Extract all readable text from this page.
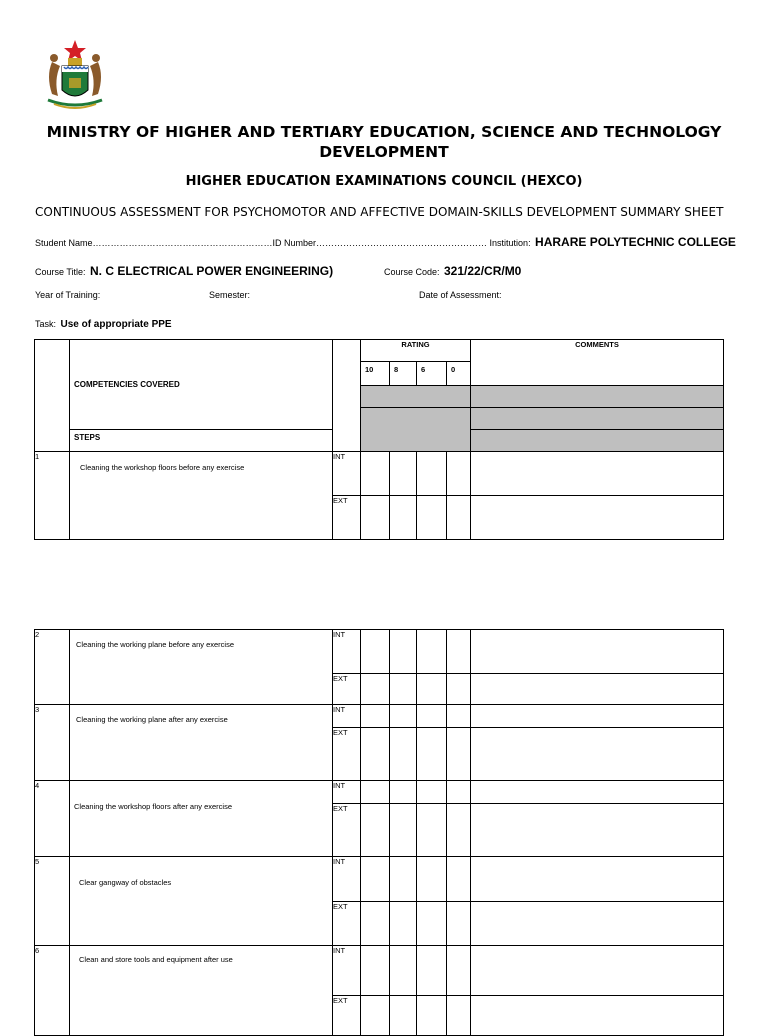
MINISTRY OF HIGHER AND TERTIARY EDUCATION, SCIENCE AND TECHNOLOGY DEVELOPMENT
HIGHER EDUCATION EXAMINATIONS COUNCIL (HEXCO)
CONTINUOUS ASSESSMENT FOR PSYCHOMOTOR AND AFFECTIVE DOMAIN-SKILLS DEVELOPMENT SUMMARY SHEET
Student Name……………………………………………………ID Number………………………………………………… Institution: HARARE POLYTECHNIC COLLEGE
Course Title: N. C ELECTRICAL POWER ENGINEERING)	Course Code: 321/22/CR/M0
Year of Training:	Semester:	Date of Assessment:
Task: Use of appropriate PPE
	COMPETENCIES COVERED		RATING				COMMENTS
			10	8	6	0	

	STEPS						
1	Cleaning the workshop floors before any exercise	INT					
		EXT					
2	Cleaning the working plane before any exercise	INT					
		EXT					
3	Cleaning the working plane after any exercise	INT					
		EXT					
4	Cleaning the workshop floors after any exercise	INT					
		EXT					
5	Clear gangway of obstacles	INT					
		EXT					
6	Clean and store tools and equipment after use	INT					
		EXT					
